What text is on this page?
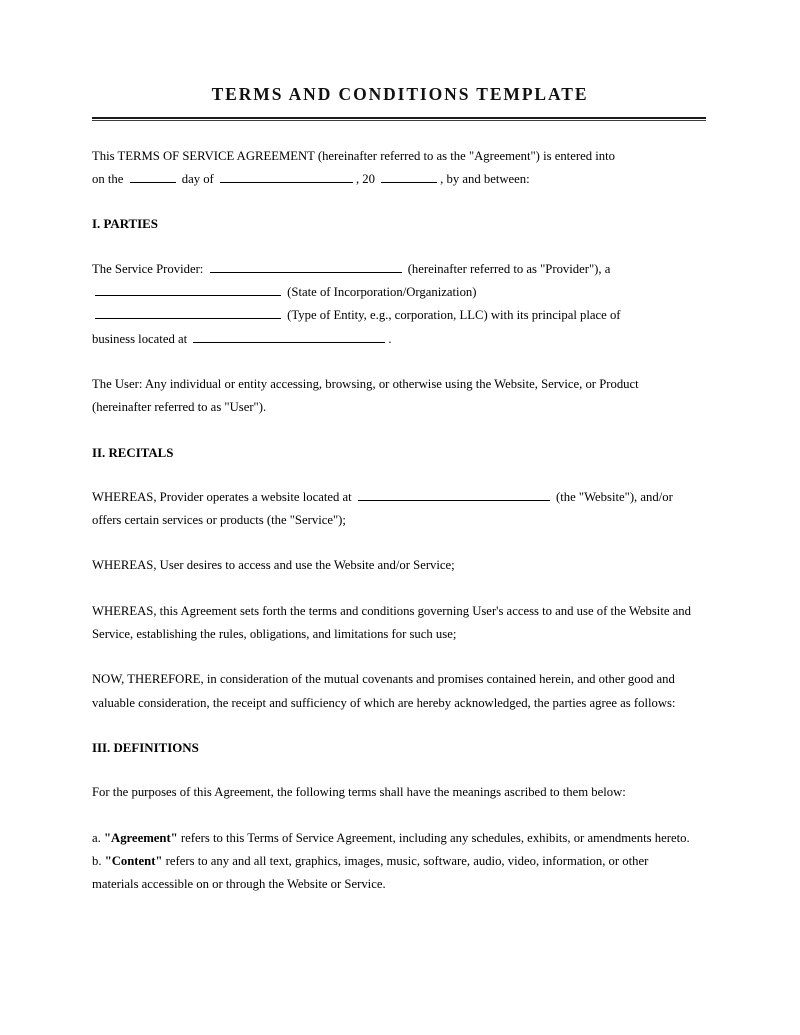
TERMS AND CONDITIONS TEMPLATE

This TERMS OF SERVICE AGREEMENT (hereinafter referred to as the "Agreement") is entered into
on the	day of	, 20	, by and between:

I. PARTIES

The Service Provider:	(hereinafter referred to as "Provider"), a
(State of Incorporation/Organization)
(Type of Entity, e.g., corporation, LLC) with its principal place of
business located at	.

The User: Any individual or entity accessing, browsing, or otherwise using the Website, Service, or Product (hereinafter referred to as "User").

II. RECITALS

WHEREAS, Provider operates a website located at	(the "Website"), and/or offers certain services or products (the "Service");

WHEREAS, User desires to access and use the Website and/or Service;

WHEREAS, this Agreement sets forth the terms and conditions governing User's access to and use of the Website and Service, establishing the rules, obligations, and limitations for such use;

NOW, THEREFORE, in consideration of the mutual covenants and promises contained herein, and other good and valuable consideration, the receipt and sufficiency of which are hereby acknowledged, the parties agree as follows:

III. DEFINITIONS

For the purposes of this Agreement, the following terms shall have the meanings ascribed to them below:

a. "Agreement" refers to this Terms of Service Agreement, including any schedules, exhibits, or amendments hereto.

b. "Content" refers to any and all text, graphics, images, music, software, audio, video, information, or other materials accessible on or through the Website or Service.
